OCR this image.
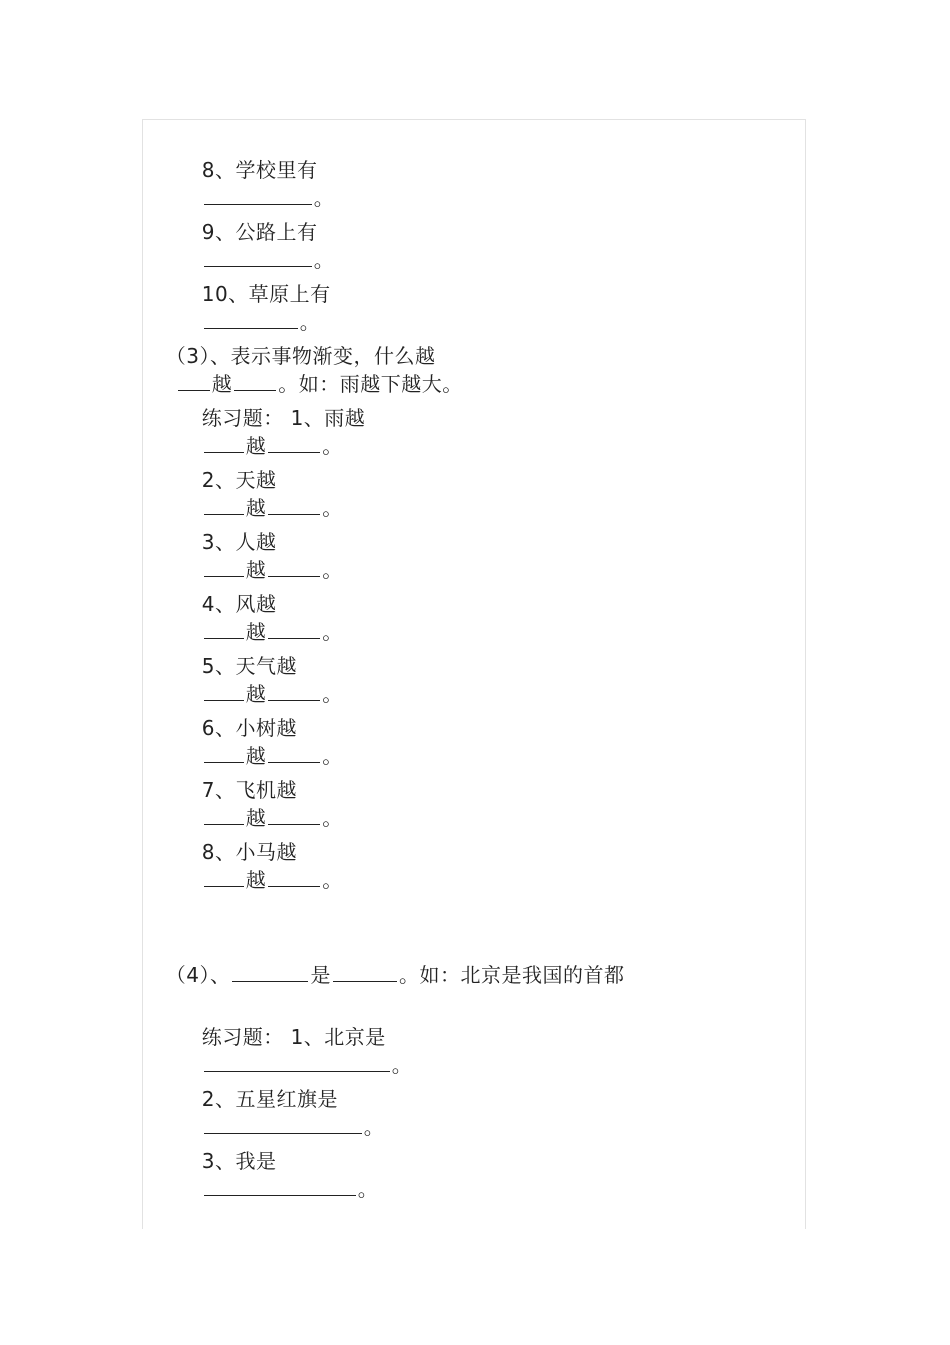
8、学校里有
。

9、公路上有
。

10、草原上有
。

（3）、表示事物渐变，什么越
越 。如：雨越下越大。

练习题： 1、雨越
越	。

2、天越
越	。

3、人越
越	。

4、风越
越	。

5、天气越
越	。

6、小树越
越	。

7、飞机越
越	。

8、小马越
越	。

（4）、	是	。如：北京是我国的首都

练习题： 1、北京是
。

2、五星红旗是
。

3、我是
。
